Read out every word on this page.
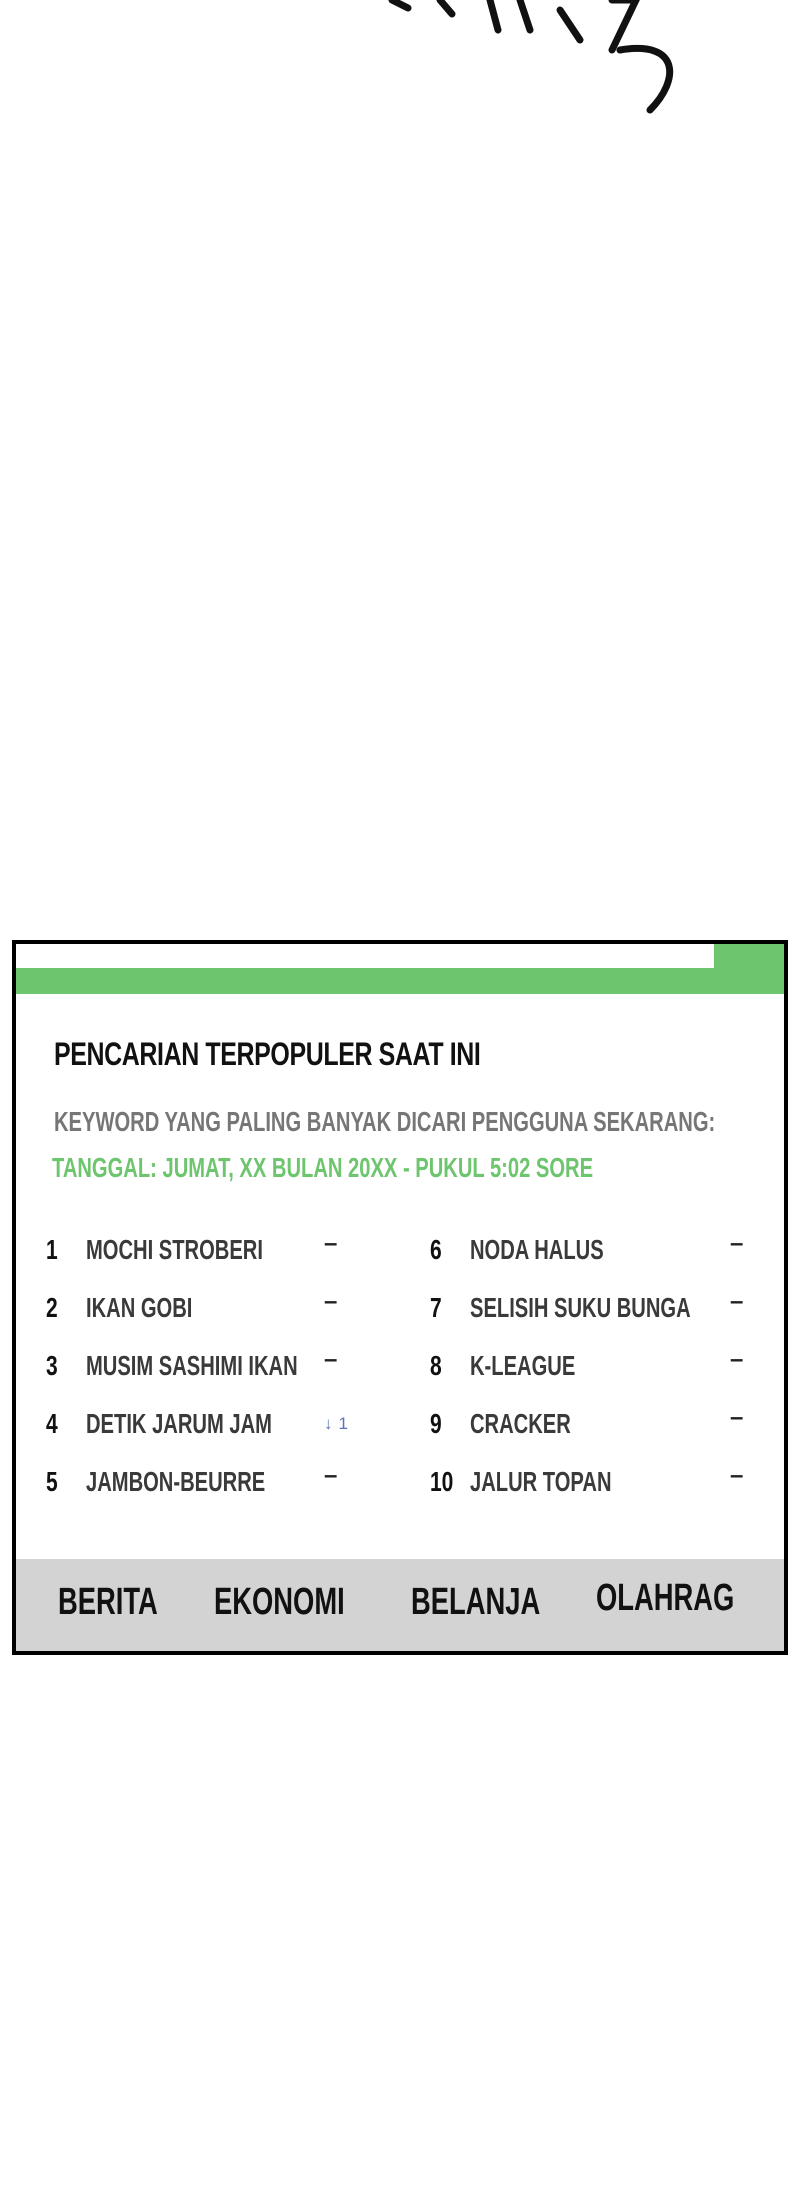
PENCARIAN TERPOPULER SAAT INI
KEYWORD YANG PALING BANYAK DICARI PENGGUNA SEKARANG:
TANGGAL: JUMAT, XX BULAN 20XX - PUKUL 5:02 SORE
1 MOCHI STROBERI	–
2 IKAN GOBI	–
3 MUSIM SASHIMI IKAN –
4 DETIK JARUM JAM	↓ 1
5 JAMBON-BEURRE –
6 NODA HALUS	–
7 SELISIH SUKU BUNGA –
8 K-LEAGUE	–
9 CRACKER	–
10 JALUR TOPAN	–
BERITA EKONOMI BELANJA OLAHRAG
